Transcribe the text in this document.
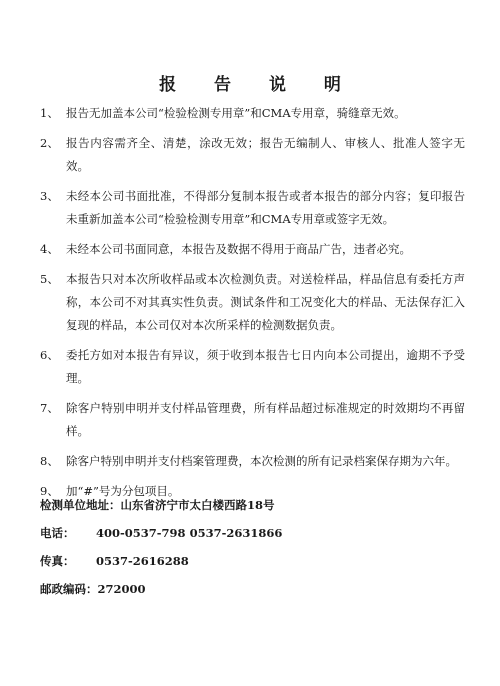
报 告 说 明
1、 报告无加盖本公司“检验检测专用章”和CMA专用章，骑缝章无效。
2、 报告内容需齐全、清楚，涂改无效；报告无编制人、审核人、批准人签字无效。
3、 未经本公司书面批准，不得部分复制本报告或者本报告的部分内容；复印报告未重新加盖本公司“检验检测专用章”和CMA专用章或签字无效。
4、 未经本公司书面同意，本报告及数据不得用于商品广告，违者必究。
5、 本报告只对本次所收样品或本次检测负责。对送检样品，样品信息有委托方声称，本公司不对其真实性负责。测试条件和工况变化大的样品、无法保存汇入复现的样品，本公司仅对本次所采样的检测数据负责。
6、 委托方如对本报告有异议，须于收到本报告七日内向本公司提出，逾期不予受理。
7、 除客户特别申明并支付样品管理费，所有样品超过标准规定的时效期均不再留样。
8、 除客户特别申明并支付档案管理费，本次检测的所有记录档案保存期为六年。
9、 加“#”号为分包项目。
检测单位地址：山东省济宁市太白楼西路18号
电话： 400-0537-798 0537-2631866
传真： 0537-2616288
邮政编码：272000
